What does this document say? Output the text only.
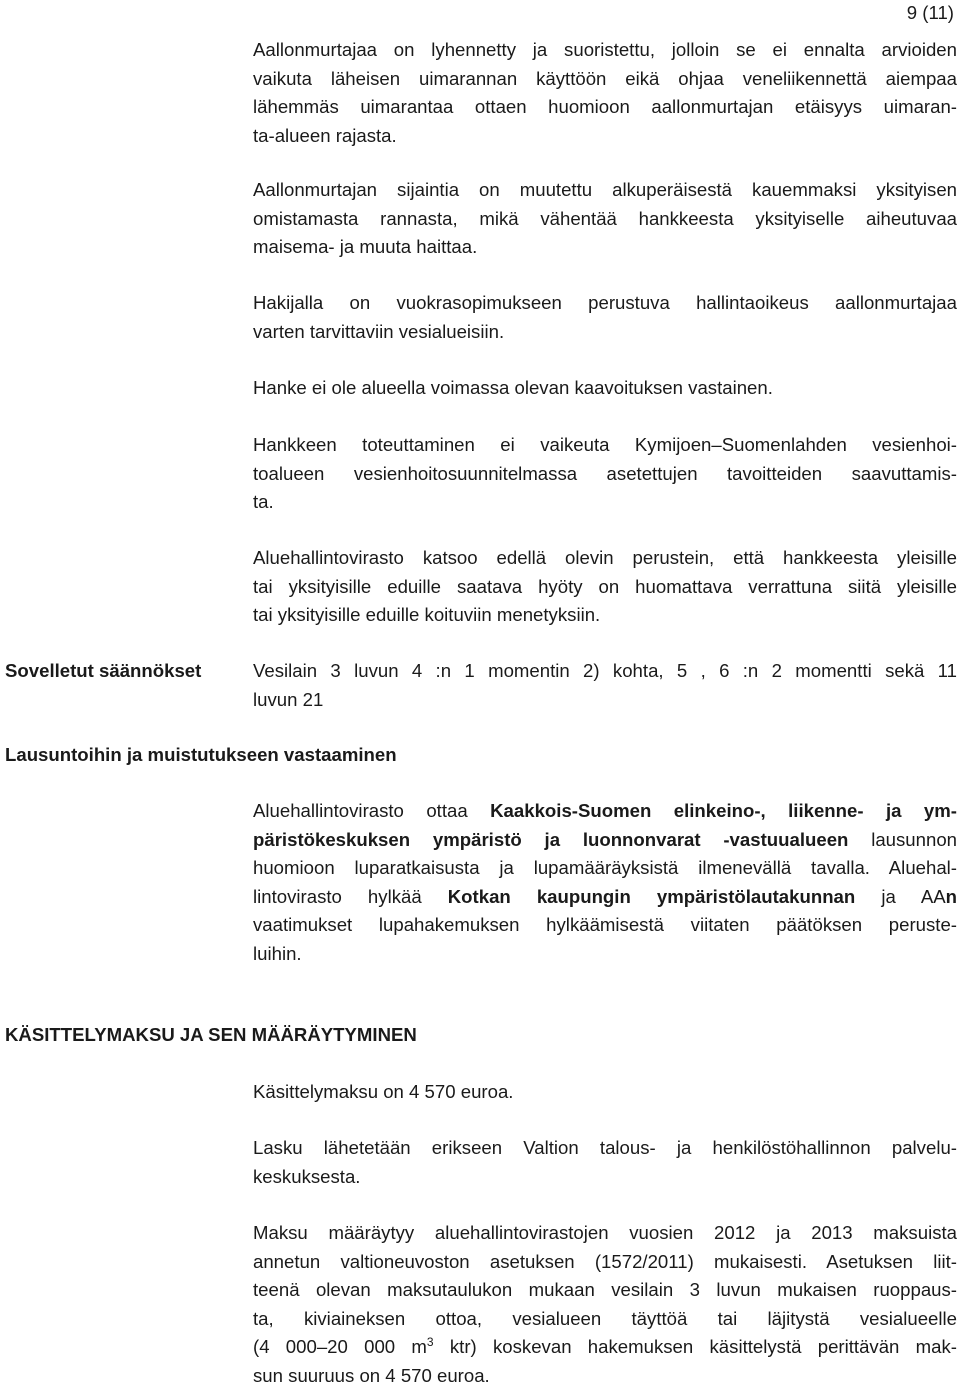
9 (11)
Aallonmurtajaa on lyhennetty ja suoristettu, jolloin se ei ennalta arvioiden
vaikuta läheisen uimarannan käyttöön eikä ohjaa veneliikennettä aiempaa
lähemmäs uimarantaa ottaen huomioon aallonmurtajan etäisyys uimaran-
ta-alueen rajasta.
Aallonmurtajan sijaintia on muutettu alkuperäisestä kauemmaksi yksityisen
omistamasta rannasta, mikä vähentää hankkeesta yksityiselle aiheutuvaa
maisema- ja muuta haittaa.
Hakijalla on vuokrasopimukseen perustuva hallintaoikeus aallonmurtajaa
varten tarvittaviin vesialueisiin.
Hanke ei ole alueella voimassa olevan kaavoituksen vastainen.
Hankkeen toteuttaminen ei vaikeuta Kymijoen–Suomenlahden vesienhoi-
toalueen vesienhoitosuunnitelmassa asetettujen tavoitteiden saavuttamis-
ta.
Aluehallintovirasto katsoo edellä olevin perustein, että hankkeesta yleisille
tai yksityisille eduille saatava hyöty on huomattava verrattuna siitä yleisille
tai yksityisille eduille koituviin menetyksiin.
Sovelletut säännökset	Vesilain 3 luvun 4 :n 1 momentin 2) kohta, 5 , 6 :n 2 momentti sekä 11
luvun 21
Lausuntoihin ja muistutukseen vastaaminen
Aluehallintovirasto ottaa Kaakkois-Suomen elinkeino-, liikenne- ja ym-
päristökeskuksen ympäristö ja luonnonvarat -vastuualueen lausunnon
huomioon luparatkaisusta ja lupamääräyksistä ilmenevällä tavalla. Aluehal-
lintovirasto hylkää Kotkan kaupungin ympäristölautakunnan ja AAn
vaatimukset lupahakemuksen hylkäämisestä viitaten päätöksen peruste-
luihin.
KÄSITTELYMAKSU JA SEN MÄÄRÄYTYMINEN
Käsittelymaksu on 4 570 euroa.
Lasku lähetetään erikseen Valtion talous- ja henkilöstöhallinnon palvelu-
keskuksesta.
Maksu määräytyy aluehallintovirastojen vuosien 2012 ja 2013 maksuista
annetun valtioneuvoston asetuksen (1572/2011) mukaisesti. Asetuksen liit-
teenä olevan maksutaulukon mukaan vesilain 3 luvun mukaisen ruoppaus-
ta, kiviaineksen ottoa, vesialueen täyttöä tai läjitystä vesialueelle
(4 000–20 000 $m^3$ ktr) koskevan hakemuksen käsittelystä perittävän mak-
sun suuruus on 4 570 euroa.
